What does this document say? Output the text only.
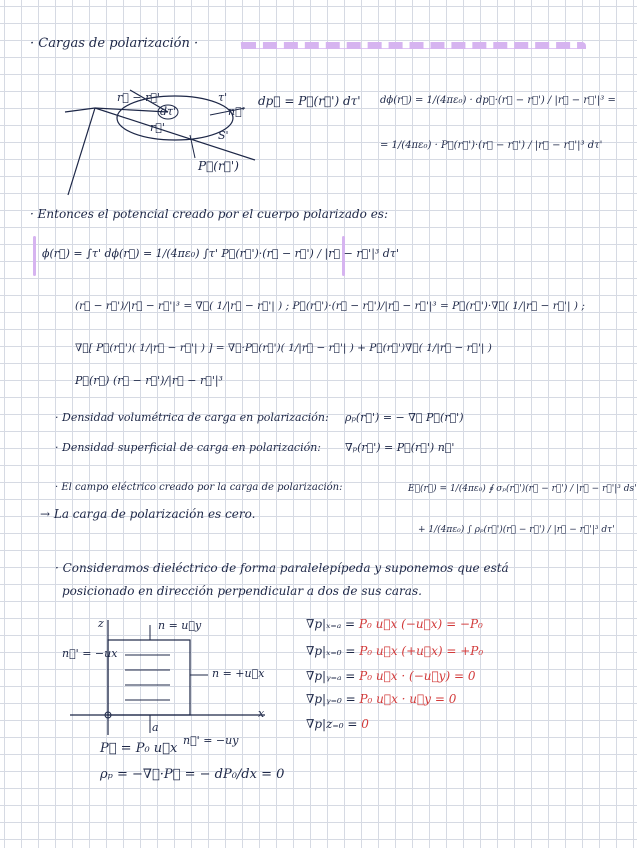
· Cargas de polarización ·
r⃗ − r⃗'
r⃗'
dτ'
τ'
S'
n⃗'
P⃗(r⃗')
dp⃗ = P⃗(r⃗') dτ' dϕ(r⃗) = 1/(4πε₀) · dp⃗·(r⃗ − r⃗') / |r⃗ − r⃗'|³ =
= 1/(4πε₀) · P⃗(r⃗')·(r⃗ − r⃗') / |r⃗ − r⃗'|³ dτ'
· Entonces el potencial creado por el cuerpo polarizado es:
ϕ(r⃗) = ∫τ' dϕ(r⃗) = 1/(4πε₀) ∫τ' P⃗(r⃗')·(r⃗ − r⃗') / |r⃗ − r⃗'|³ dτ'
(r⃗ − r⃗')/|r⃗ − r⃗'|³ = ∇⃗( 1/|r⃗ − r⃗'| ) ; P⃗(r⃗')·(r⃗ − r⃗')/|r⃗ − r⃗'|³ = P⃗(r⃗')·∇⃗( 1/|r⃗ − r⃗'| ) ;
∇⃗[ P⃗(r⃗')( 1/|r⃗ − r⃗'| ) ] = ∇⃗·P⃗(r⃗')( 1/|r⃗ − r⃗'| ) + P⃗(r⃗')∇⃗( 1/|r⃗ − r⃗'| )
P⃗(r⃗) (r⃗ − r⃗')/|r⃗ − r⃗'|³
· Densidad volumétrica de carga en polarización: ρₚ(r⃗') = − ∇⃗ P⃗(r⃗')
· Densidad superficial de carga en polarización: ∇ₚ(r⃗') = P⃗(r⃗') n⃗'
· El campo eléctrico creado por la carga de polarización:	E⃗(r⃗) = 1/(4πε₀) ∮ σₚ(r⃗')(r⃗ − r⃗') / |r⃗ − r⃗'|³ ds'
+ 1/(4πε₀) ∫ ρₚ(r⃗')(r⃗ − r⃗') / |r⃗ − r⃗'|³ dτ'
→ La carga de polarización es cero.
· Consideramos dieléctrico de forma paralelepípeda y suponemos que está
posicionado en dirección perpendicular a dos de sus caras.
z	n = u⃗y
n⃗' = −ux
n = +u⃗x
n⃗' = −uy
a
x
∇p|ₓ₌ₐ = P₀ u⃗x (−u⃗x) = −P₀
∇p|ₓ₌₀ = P₀ u⃗x (+u⃗x) = +P₀
∇p|ᵧ₌ₐ = P₀ u⃗x · (−u⃗y) = 0
∇p|ᵧ₌₀ = P₀ u⃗x · u⃗y = 0
∇p|z₌₀ = 0
P⃗ = P₀ u⃗x
ρₚ = −∇⃗·P⃗ = − dP₀/dx = 0
